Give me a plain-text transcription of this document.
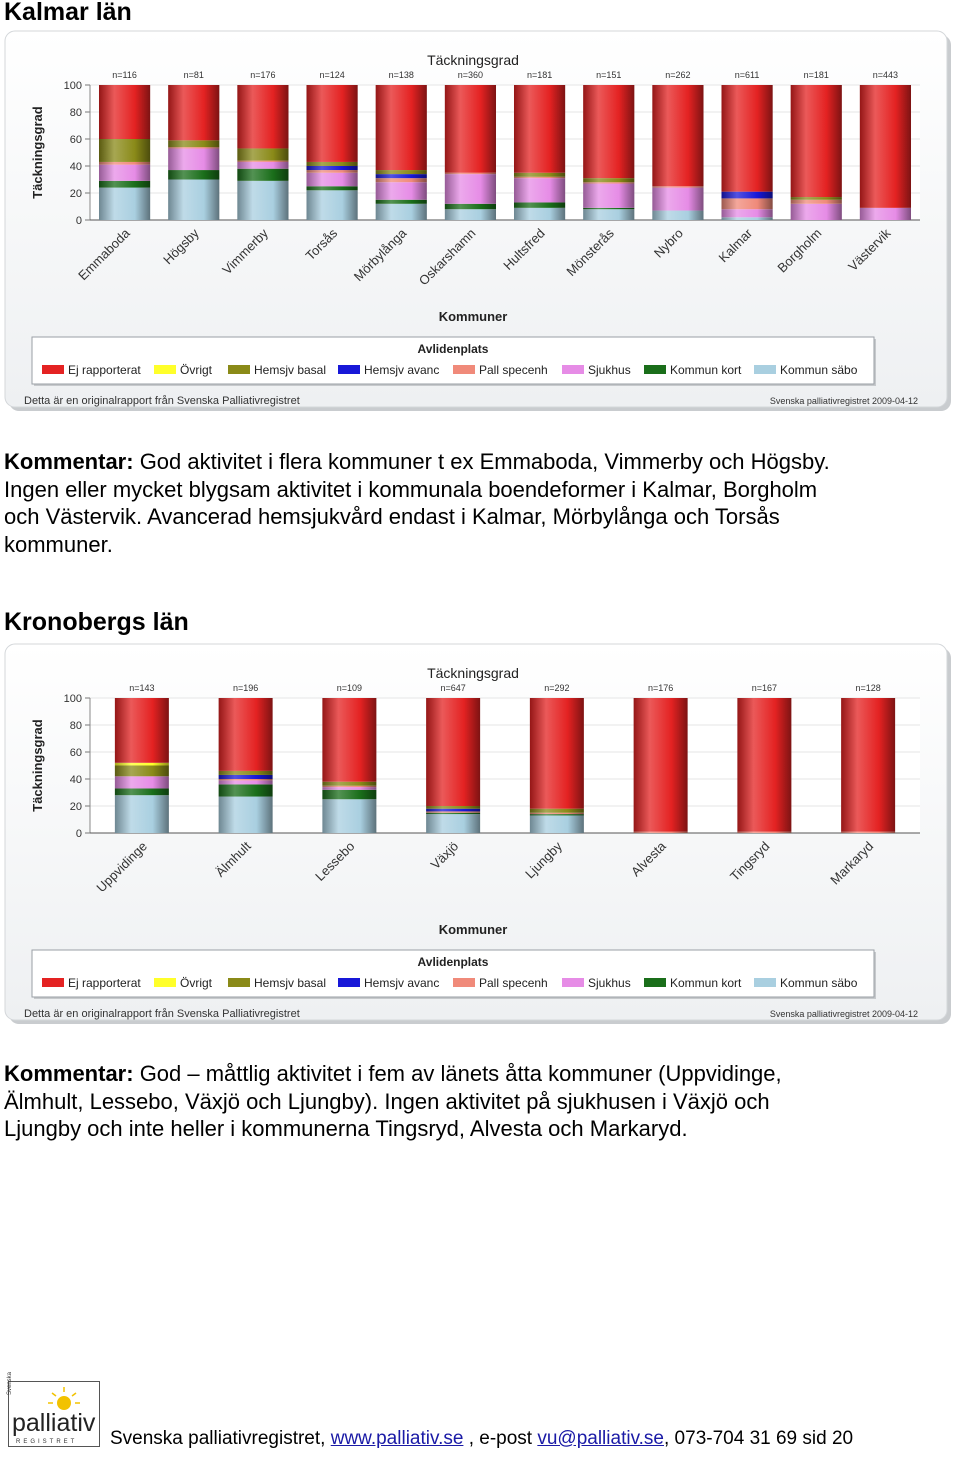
Kalmar län
0
20
40
60
80
100
Täckningsgrad
Täckningsgrad
Kommuner
n=116
Emmaboda
n=81
Högsby
n=176
Vimmerby
n=124
Torsås
n=138
Mörbylånga
n=360
Oskarshamn
n=181
Hultsfred
n=151
Mönsterås
n=262
Nybro
n=611
Kalmar
n=181
Borgholm
n=443
Västervik
Avlidenplats
Ej rapporterat	Övrigt	Hemsjv basal	Hemsjv avanc	Pall specenh	Sjukhus	Kommun kort	Kommun säbo
Detta är en originalrapport från Svenska Palliativregistret	Svenska palliativregistret 2009-04-12

Kommentar: God aktivitet i flera kommuner t ex Emmaboda, Vimmerby och Högsby.
Ingen eller mycket blygsam aktivitet i kommunala boendeformer i Kalmar, Borgholm
och Västervik. Avancerad hemsjukvård endast i Kalmar, Mörbylånga och Torsås
kommuner.

Kronobergs län
0
20
40
60
80
100
Täckningsgrad
Täckningsgrad
Kommuner
n=143
Uppvidinge
n=196
Älmhult
n=109
Lessebo
n=647
Växjö
n=292
Ljungby
n=176
Alvesta
n=167
Tingsryd
n=128
Markaryd
Avlidenplats
Ej rapporterat	Övrigt	Hemsjv basal	Hemsjv avanc	Pall specenh	Sjukhus	Kommun kort	Kommun säbo
Detta är en originalrapport från Svenska Palliativregistret	Svenska palliativregistret 2009-04-12

Kommentar: God – måttlig aktivitet i fem av länets åtta kommuner (Uppvidinge,
Älmhult, Lessebo, Växjö och Ljungby). Ingen aktivitet på sjukhusen i Växjö och
Ljungby och inte heller i kommunerna Tingsryd, Alvesta och Markaryd.

Svenska
palliativ
REGISTRET Svenska palliativregistret, www.palliativ.se , e-post vu@palliativ.se, 073-704 31 69 sid 20
